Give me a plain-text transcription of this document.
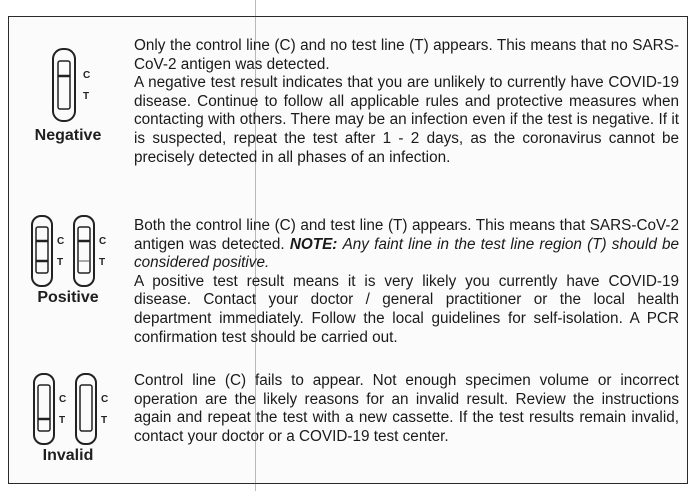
C
T
Negative

Only the control line (C) and no test line (T) appears. This means that no SARS-CoV-2 antigen was detected.
A negative test result indicates that you are unlikely to currently have COVID-19 disease. Continue to follow all applicable rules and protective measures when contacting with others. There may be an infection even if the test is negative. If it is suspected, repeat the test after 1 - 2 days, as the coronavirus cannot be precisely detected in all phases of an infection.

C
T
C
T
Positive

Both the control line (C) and test line (T) appears. This means that SARS-CoV-2 antigen was detected. NOTE: Any faint line in the test line region (T) should be considered positive.
A positive test result means it is very likely you currently have COVID-19 disease. Contact your doctor / general practitioner or the local health department immediately. Follow the local guidelines for self-isolation. A PCR confirmation test should be carried out.

C
T
C
T
Invalid

Control line (C) fails to appear. Not enough specimen volume or incorrect operation are the likely reasons for an invalid result. Review the instructions again and repeat the test with a new cassette. If the test results remain invalid, contact your doctor or a COVID-19 test center.
